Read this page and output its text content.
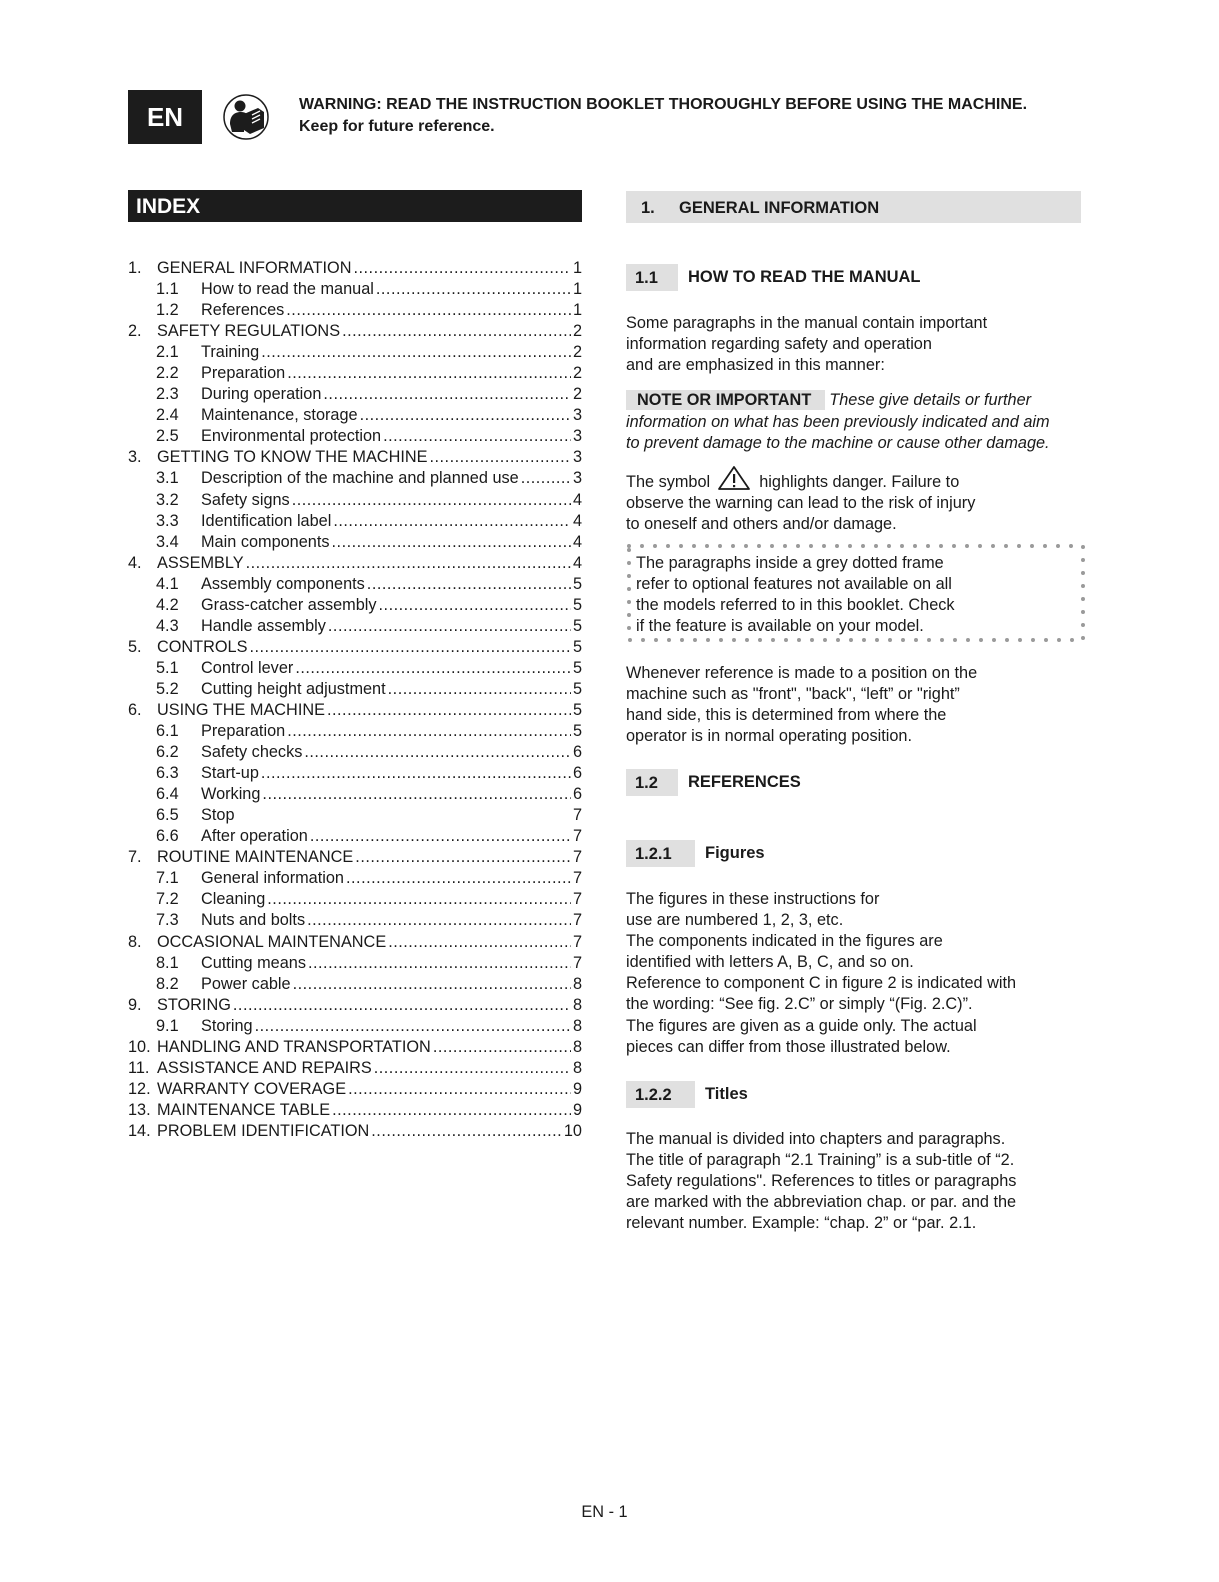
EN	WARNING: READ THE INSTRUCTION BOOKLET THOROUGHLY BEFORE USING THE MACHINE.
Keep for future reference.
INDEX
1. GENERAL INFORMATION .....	1
1.1	How to read the manual .....	1
1.2	References .....	1
2. SAFETY REGULATIONS .....	2
2.1	Training .....	2
2.2	Preparation .....	2
2.3	During operation .....	2
2.4	Maintenance, storage .....	3
2.5	Environmental protection .....	3
3. GETTING TO KNOW THE MACHINE .....	3
3.1	Description of the machine and planned use .....	3
3.2	Safety signs .....	4
3.3	Identification label .....	4
3.4	Main components .....	4
4. ASSEMBLY .....	4
4.1	Assembly components .....	5
4.2	Grass-catcher assembly .....	5
4.3	Handle assembly .....	5
5. CONTROLS .....	5
5.1	Control lever .....	5
5.2	Cutting height adjustment .....	5
6. USING THE MACHINE .....	5
6.1	Preparation .....	5
6.2	Safety checks .....	6
6.3	Start-up .....	6
6.4	Working .....	6
6.5	Stop	7
6.6	After operation .....	7
7. ROUTINE MAINTENANCE .....	7
7.1	General information .....	7
7.2	Cleaning .....	7
7.3	Nuts and bolts .....	7
8. OCCASIONAL MAINTENANCE .....	7
8.1	Cutting means .....	7
8.2	Power cable .....	8
9. STORING .....	8
9.1	Storing .....	8
10. HANDLING AND TRANSPORTATION .....	8
11. ASSISTANCE AND REPAIRS .....	8
12. WARRANTY COVERAGE .....	9
13. MAINTENANCE TABLE .....	9
14. PROBLEM IDENTIFICATION .....	10
1.	GENERAL INFORMATION
1.1	HOW TO READ THE MANUAL
Some paragraphs in the manual contain important
information regarding safety and operation
and are emphasized in this manner:
NOTE OR IMPORTANT These give details or further
information on what has been previously indicated and aim
to prevent damage to the machine or cause other damage.
The symbol	highlights danger. Failure to
observe the warning can lead to the risk of injury
to oneself and others and/or damage.
The paragraphs inside a grey dotted frame
refer to optional features not available on all
the models referred to in this booklet. Check
if the feature is available on your model.
Whenever reference is made to a position on the
machine such as "front", "back", “left” or "right”
hand side, this is determined from where the
operator is in normal operating position.
1.2	REFERENCES
1.2.1	Figures
The figures in these instructions for
use are numbered 1, 2, 3, etc.
The components indicated in the figures are
identified with letters A, B, C, and so on.
Reference to component C in figure 2 is indicated with
the wording: “See fig. 2.C” or simply “(Fig. 2.C)”.
The figures are given as a guide only. The actual
pieces can differ from those illustrated below.
1.2.2	Titles
The manual is divided into chapters and paragraphs.
The title of paragraph “2.1 Training” is a sub-title of “2.
Safety regulations". References to titles or paragraphs
are marked with the abbreviation chap. or par. and the
relevant number. Example: “chap. 2” or “par. 2.1.
EN - 1
